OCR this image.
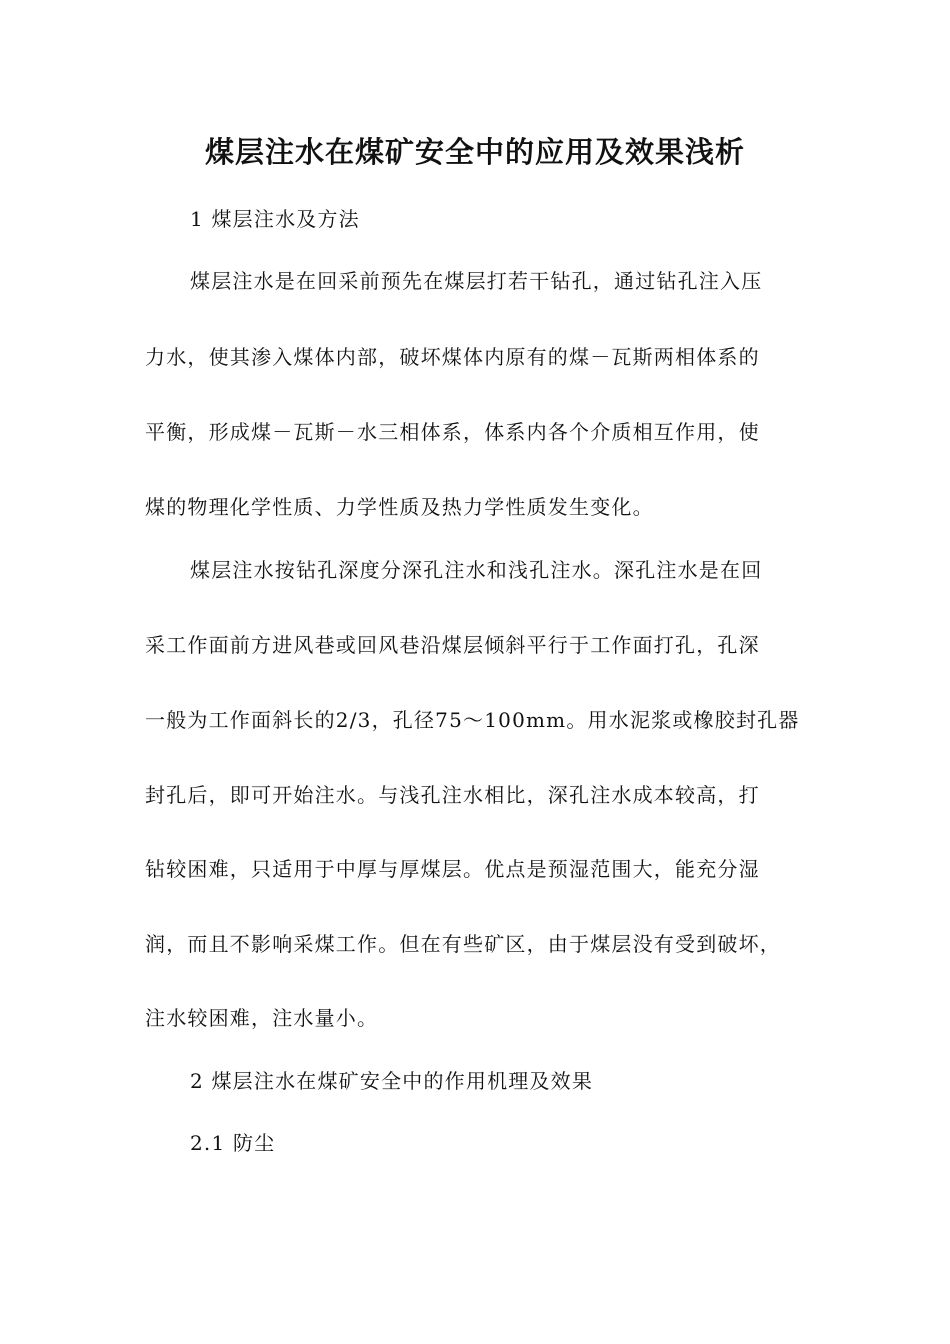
煤层注水在煤矿安全中的应用及效果浅析

1 煤层注水及方法

煤层注水是在回采前预先在煤层打若干钻孔，通过钻孔注入压

力水，使其渗入煤体内部，破坏煤体内原有的煤－瓦斯两相体系的

平衡，形成煤－瓦斯－水三相体系，体系内各个介质相互作用，使

煤的物理化学性质、力学性质及热力学性质发生变化。

煤层注水按钻孔深度分深孔注水和浅孔注水。深孔注水是在回

采工作面前方进风巷或回风巷沿煤层倾斜平行于工作面打孔，孔深

一般为工作面斜长的2/3，孔径75～100mm。用水泥浆或橡胶封孔器

封孔后，即可开始注水。与浅孔注水相比，深孔注水成本较高，打

钻较困难，只适用于中厚与厚煤层。优点是预湿范围大，能充分湿

润，而且不影响采煤工作。但在有些矿区，由于煤层没有受到破坏，

注水较困难，注水量小。

2 煤层注水在煤矿安全中的作用机理及效果

2.1 防尘
